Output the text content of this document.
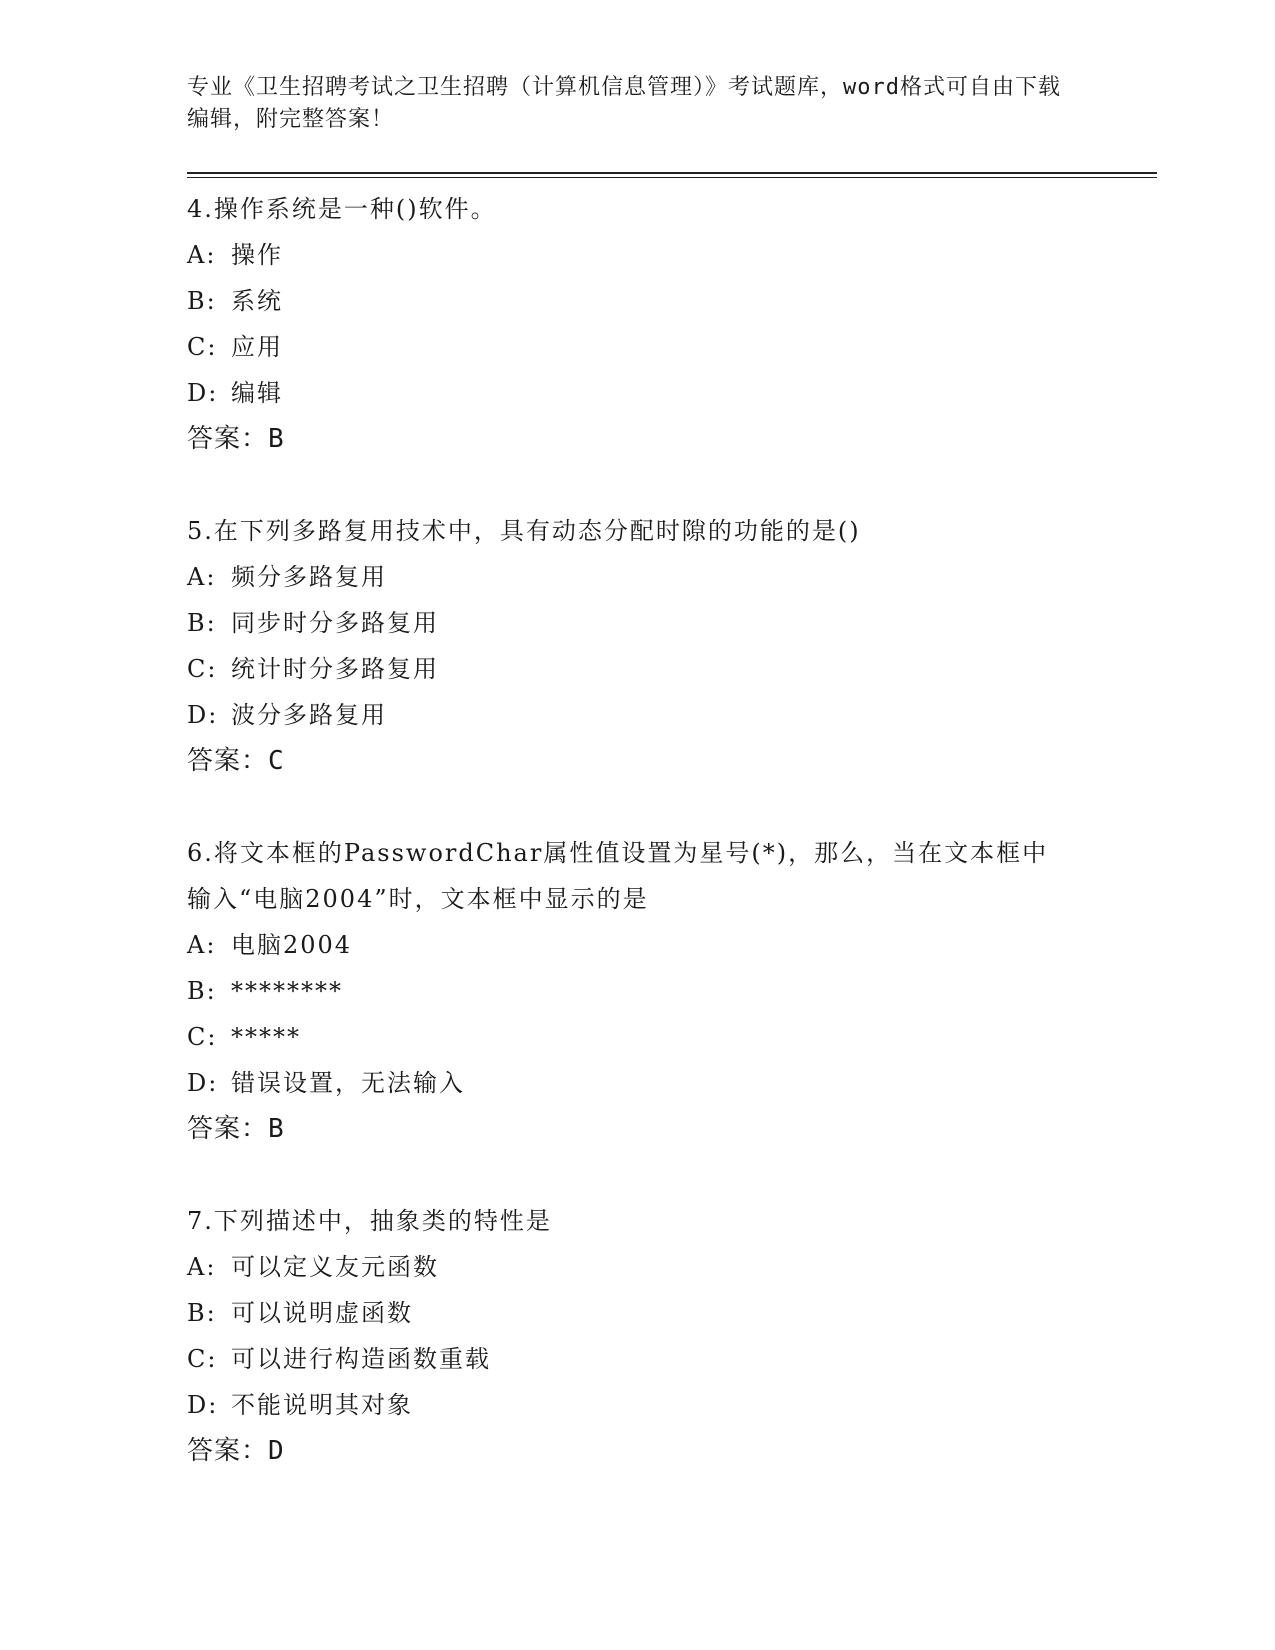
专业《卫生招聘考试之卫生招聘（计算机信息管理）》考试题库，word格式可自由下载编辑，附完整答案！

4.操作系统是一种()软件。

A: 操作

B: 系统

C: 应用

D: 编辑

答案：B

5.在下列多路复用技术中，具有动态分配时隙的功能的是()

A: 频分多路复用

B: 同步时分多路复用

C: 统计时分多路复用

D: 波分多路复用

答案：C

6.将文本框的PasswordChar属性值设置为星号(*)，那么，当在文本框中输入“电脑2004”时，文本框中显示的是

A: 电脑2004

B: ********

C: *****

D: 错误设置，无法输入

答案：B

7.下列描述中，抽象类的特性是

A: 可以定义友元函数

B: 可以说明虚函数

C: 可以进行构造函数重载

D: 不能说明其对象

答案：D
